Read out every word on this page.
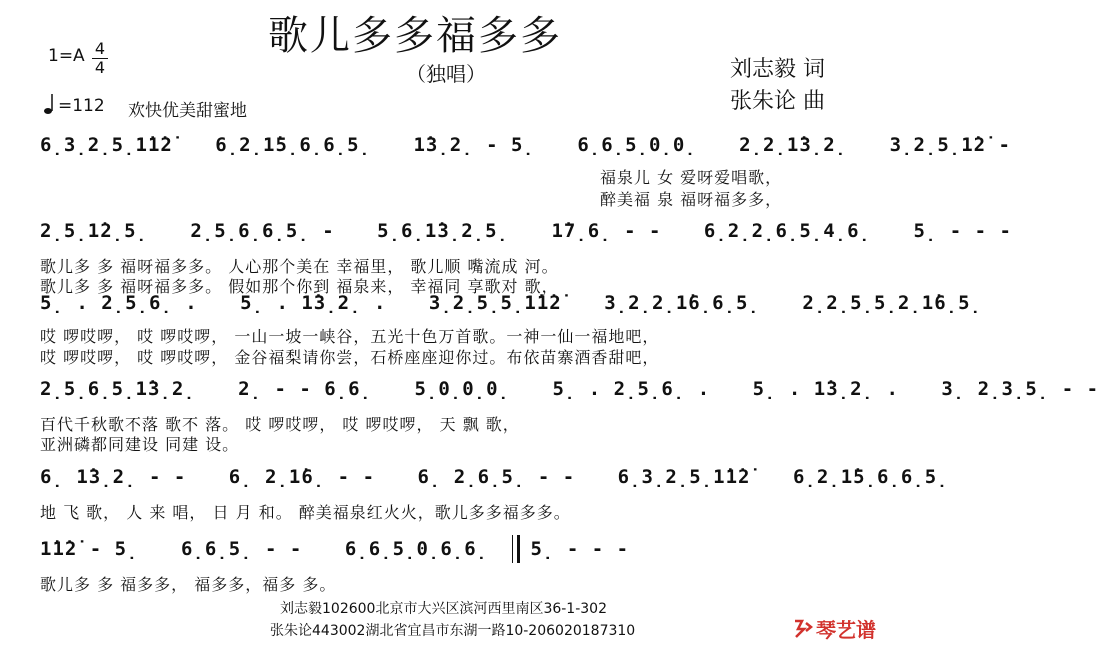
歌儿多多福多多
（独唱）
$1=A \frac{4}{4}$
=112 欢快优美甜蜜地
刘志毅 词
张朱论 曲
6̣3̣2̣5̣1̇1̇2̇ 6̣2̣1̇5̣6̣6̣5̣ 1̇3̣2̣ - 5̣ 6̣6̣5̣0̣0̣ 2̣2̣1̇3̣2̣ 3̣2̣5̣1̇2̇ -
福泉儿 女 爱呀爱唱歌，
醉美福 泉 福呀福多多，
2̣5̣1̇2̣5̣ 2̣5̣6̣6̣5̣ - 5̣6̣1̇3̣2̣5̣ 1̇7̣6̣ - - 6̣2̣2̣6̣5̣4̣6̣ 5̣ - - -
歌儿多 多 福呀福多多。 人心那个美在 幸福里， 歌儿顺 嘴流成 河。
歌儿多 多 福呀福多多。 假如那个你到 福泉来， 幸福同 享歌对 歌，
5̣ . 2̣5̣6̣ . 5̣ . 1̇3̣2̣ . 3̣2̣5̣5̣1̇1̇2̇ 3̣2̣2̣1̇6̣6̣5̣ 2̣2̣5̣5̣2̣1̇6̣5̣
哎 啰哎啰， 哎 啰哎啰， 一山一坡一峡谷，五光十色万首歌。一神一仙一福地吧，
哎 啰哎啰， 哎 啰哎啰， 金谷福梨请你尝，石桥座座迎你过。布依苗寨酒香甜吧，
2̣5̣6̣5̣1̇3̣2̣ 2̣ - - 6̣6̣ 5̣0̣0̣0̣ 5̣ . 2̣5̣6̣ . 5̣ . 1̇3̣2̣ . 3̣ 2̣3̣5̣ - -
百代千秋歌不落 歌不 落。 哎 啰哎啰， 哎 啰哎啰， 天 飘 歌，
亚洲磷都同建设 同建 设。
6̣ 1̇3̣2̣ - - 6̣ 2̣1̇6̣ - - 6̣ 2̣6̣5̣ - - 6̣3̣2̣5̣1̇1̇2̇ 6̣2̣1̇5̣6̣6̣5̣
地 飞 歌， 人 来 唱， 日 月 和。 醉美福泉红火火，歌儿多多福多多。
1̇1̇2̇ - 5̣ 6̣6̣5̣ - - 6̣6̣5̣0̣6̣6̣ 5̣ - - -
歌儿多 多 福多多， 福多多，福多 多。
刘志毅102600北京市大兴区滨河西里南区36-1-302
张朱论443002湖北省宜昌市东湖一路10-206020187310	琴艺谱
